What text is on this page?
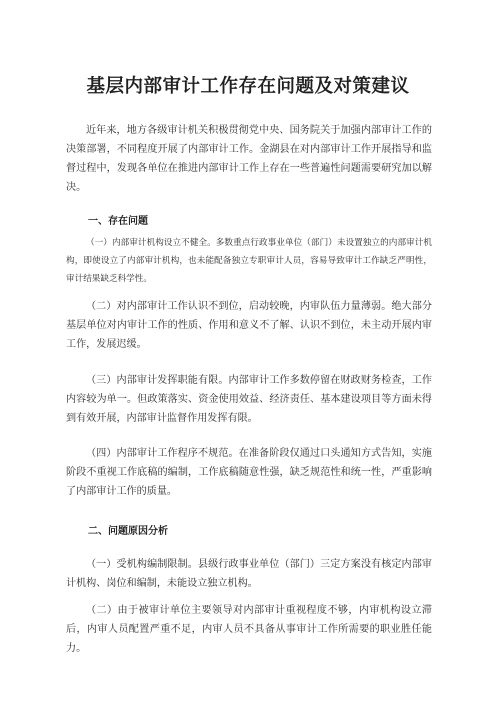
基层内部审计工作存在问题及对策建议

近年来，地方各级审计机关积极贯彻党中央、国务院关于加强内部审计工作的决策部署，不同程度开展了内部审计工作。金湖县在对内部审计工作开展指导和监督过程中，发现各单位在推进内部审计工作上存在一些普遍性问题需要研究加以解决。

一、存在问题

（一）内部审计机构设立不健全。多数重点行政事业单位（部门）未设置独立的内部审计机构，即使设立了内部审计机构，也未能配备独立专职审计人员，容易导致审计工作缺乏严明性，审计结果缺乏科学性。

（二）对内部审计工作认识不到位，启动较晚，内审队伍力量薄弱。绝大部分基层单位对内审计工作的性质、作用和意义不了解、认识不到位，未主动开展内审工作，发展迟缓。

（三）内部审计发挥职能有限。内部审计工作多数停留在财政财务检查，工作内容较为单一。但政策落实、资金使用效益、经济责任、基本建设项目等方面未得到有效开展，内部审计监督作用发挥有限。

（四）内部审计工作程序不规范。在准备阶段仅通过口头通知方式告知，实施阶段不重视工作底稿的编制，工作底稿随意性强，缺乏规范性和统一性，严重影响了内部审计工作的质量。

二、问题原因分析

（一）受机构编制限制。县级行政事业单位（部门）三定方案没有核定内部审计机构、岗位和编制，未能设立独立机构。

（二）由于被审计单位主要领导对内部审计重视程度不够，内审机构设立滞后，内审人员配置严重不足，内审人员不具备从事审计工作所需要的职业胜任能力。
